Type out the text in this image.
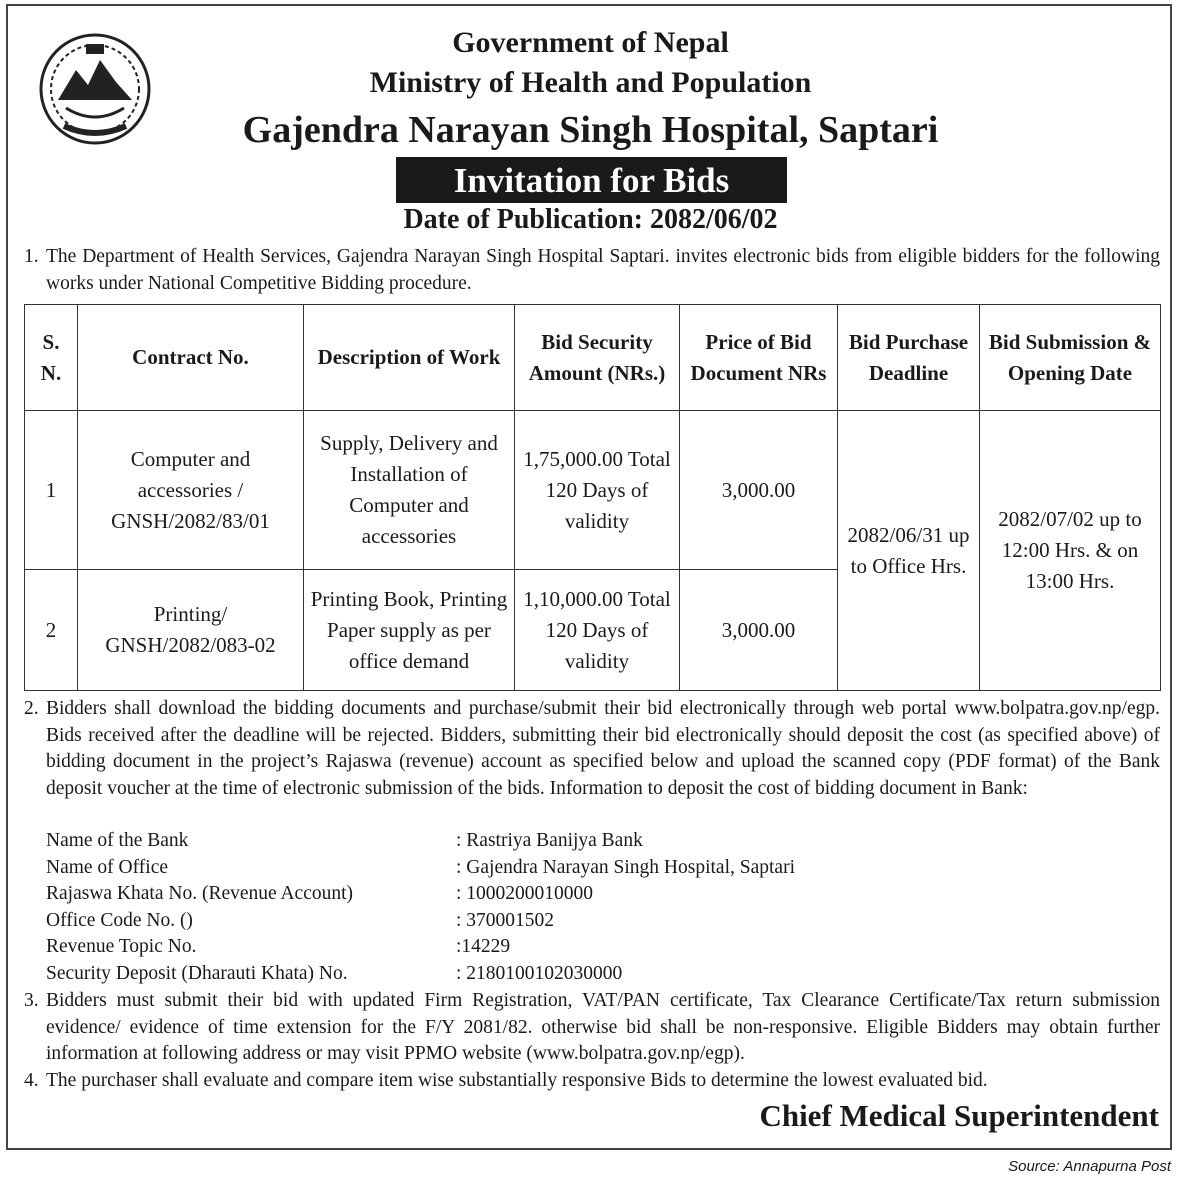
Government of Nepal
Ministry of Health and Population
Gajendra Narayan Singh Hospital, Saptari
Invitation for Bids
Date of Publication: 2082/06/02
1. The Department of Health Services, Gajendra Narayan Singh Hospital Saptari. invites electronic bids from eligible bidders for the following works under National Competitive Bidding procedure.
S. N.	Contract No.	Description of Work	Bid Security Amount (NRs.)	Price of Bid Document NRs	Bid Purchase Deadline	Bid Submission & Opening Date
1	Computer and accessories / GNSH/2082/83/01	Supply, Delivery and Installation of Computer and accessories	1,75,000.00 Total 120 Days of validity	3,000.00	2082/06/31 up to Office Hrs.	2082/07/02 up to 12:00 Hrs. & on 13:00 Hrs.
2	Printing/ GNSH/2082/083-02	Printing Book, Printing Paper supply as per office demand	1,10,000.00 Total 120 Days of validity	3,000.00		
2. Bidders shall download the bidding documents and purchase/submit their bid electronically through web portal www.bolpatra.gov.np/egp. Bids received after the deadline will be rejected. Bidders, submitting their bid electronically should deposit the cost (as specified above) of bidding document in the project’s Rajaswa (revenue) account as specified below and upload the scanned copy (PDF format) of the Bank deposit voucher at the time of electronic submission of the bids. Information to deposit the cost of bidding document in Bank:
Name of the Bank	: Rastriya Banijya Bank
Name of Office	: Gajendra Narayan Singh Hospital, Saptari
Rajaswa Khata No. (Revenue Account)	: 1000200010000
Office Code No. ()	: 370001502
Revenue Topic No.	:14229
Security Deposit (Dharauti Khata) No.	: 2180100102030000
3. Bidders must submit their bid with updated Firm Registration, VAT/PAN certificate, Tax Clearance Certificate/Tax return submission evidence/ evidence of time extension for the F/Y 2081/82. otherwise bid shall be non-responsive. Eligible Bidders may obtain further information at following address or may visit PPMO website (www.bolpatra.gov.np/egp).
4. The purchaser shall evaluate and compare item wise substantially responsive Bids to determine the lowest evaluated bid.
Chief Medical Superintendent
Source: Annapurna Post
